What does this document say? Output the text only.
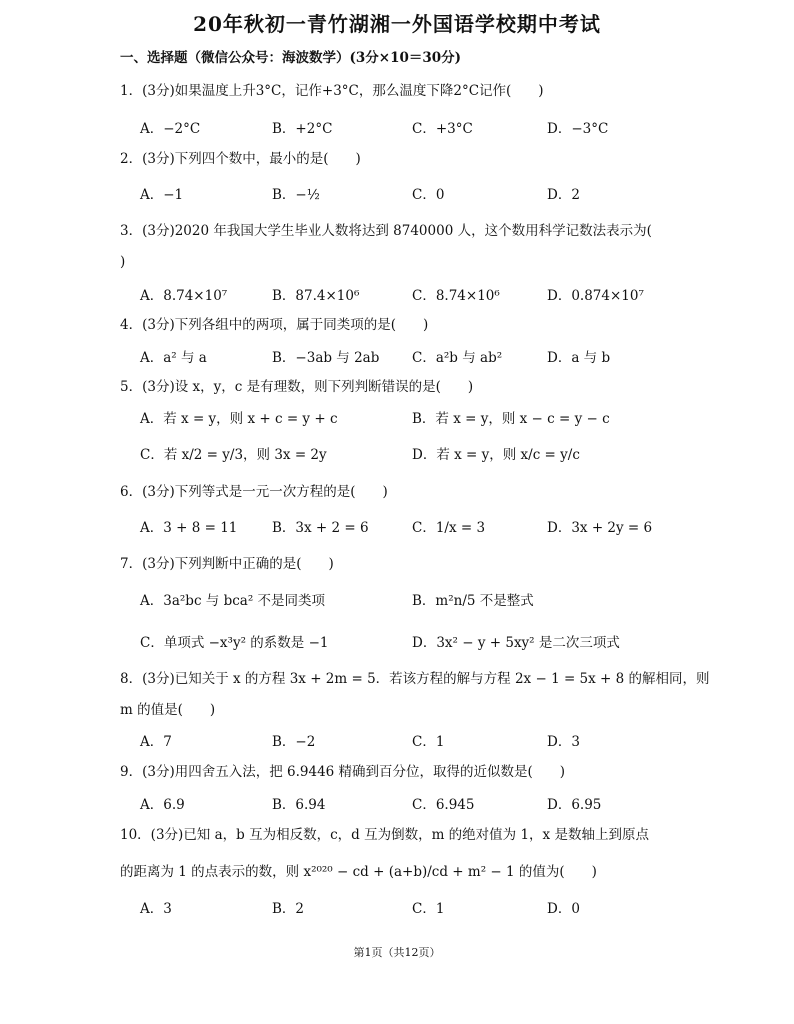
20年秋初一青竹湖湘一外国语学校期中考试
一、选择题（微信公众号：海波数学）(3分×10＝30分)
1．(3分)如果温度上升3°C，记作+3°C，那么温度下降2°C记作(　　)
A．−2°C	B．+2°C	C．+3°C	D．−3°C
2．(3分)下列四个数中，最小的是(　　)
A．−1	B．−½	C．0	D．2
3．(3分)2020 年我国大学生毕业人数将达到 8740000 人，这个数用科学记数法表示为(
)
A．8.74×10⁷	B．87.4×10⁶	C．8.74×10⁶	D．0.874×10⁷
4．(3分)下列各组中的两项，属于同类项的是(　　)
A．a² 与 a	B．−3ab 与 2ab C．a²b 与 ab²	D．a 与 b
5．(3分)设 x，y，c 是有理数，则下列判断错误的是(　　)
A．若 x = y，则 x + c = y + c	B．若 x = y，则 x − c = y − c
C．若 x/2 = y/3，则 3x = 2y	D．若 x = y，则 x/c = y/c
6．(3分)下列等式是一元一次方程的是(　　)
A．3 + 8 = 11	B．3x + 2 = 6	C．1/x = 3	D．3x + 2y = 6
7．(3分)下列判断中正确的是(　　)
A．3a²bc 与 bca² 不是同类项	B．m²n/5 不是整式
C．单项式 −x³y² 的系数是 −1	D．3x² − y + 5xy² 是二次三项式
8．(3分)已知关于 x 的方程 3x + 2m = 5．若该方程的解与方程 2x − 1 = 5x + 8 的解相同，则
m 的值是(　　)
A．7	B．−2	C．1	D．3
9．(3分)用四舍五入法，把 6.9446 精确到百分位，取得的近似数是(　　)
A．6.9	B．6.94	C．6.945	D．6.95
10．(3分)已知 a，b 互为相反数，c，d 互为倒数，m 的绝对值为 1，x 是数轴上到原点
的距离为 1 的点表示的数，则 x²⁰²⁰ − cd + (a+b)/cd + m² − 1 的值为(　　)
A．3	B．2	C．1	D．0
第1页（共12页）
